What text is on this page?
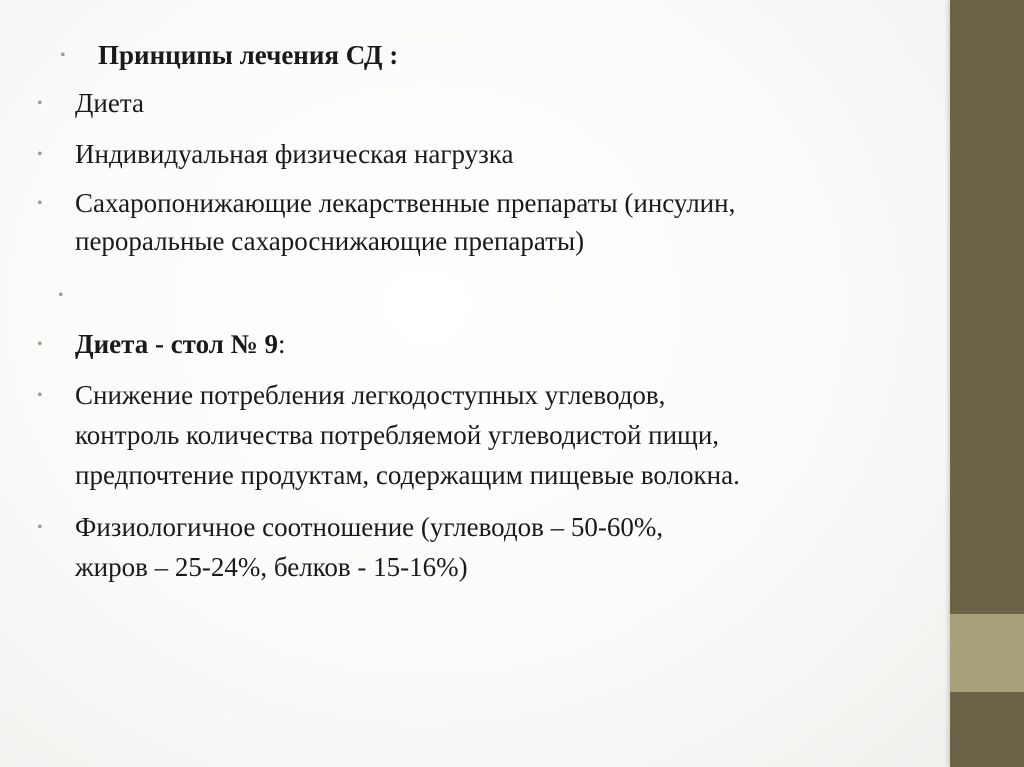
• Принципы лечения СД :
• Диета
• Индивидуальная физическая нагрузка
• Сахаропонижающие лекарственные препараты (инсулин,
пероральные сахароснижающие препараты)
•
• Диета - стол № 9:
• Снижение потребления легкодоступных углеводов,
контроль количества потребляемой углеводистой пищи,
предпочтение продуктам, содержащим пищевые волокна.
• Физиологичное соотношение (углеводов – 50-60%,
жиров – 25-24%, белков - 15-16%)
